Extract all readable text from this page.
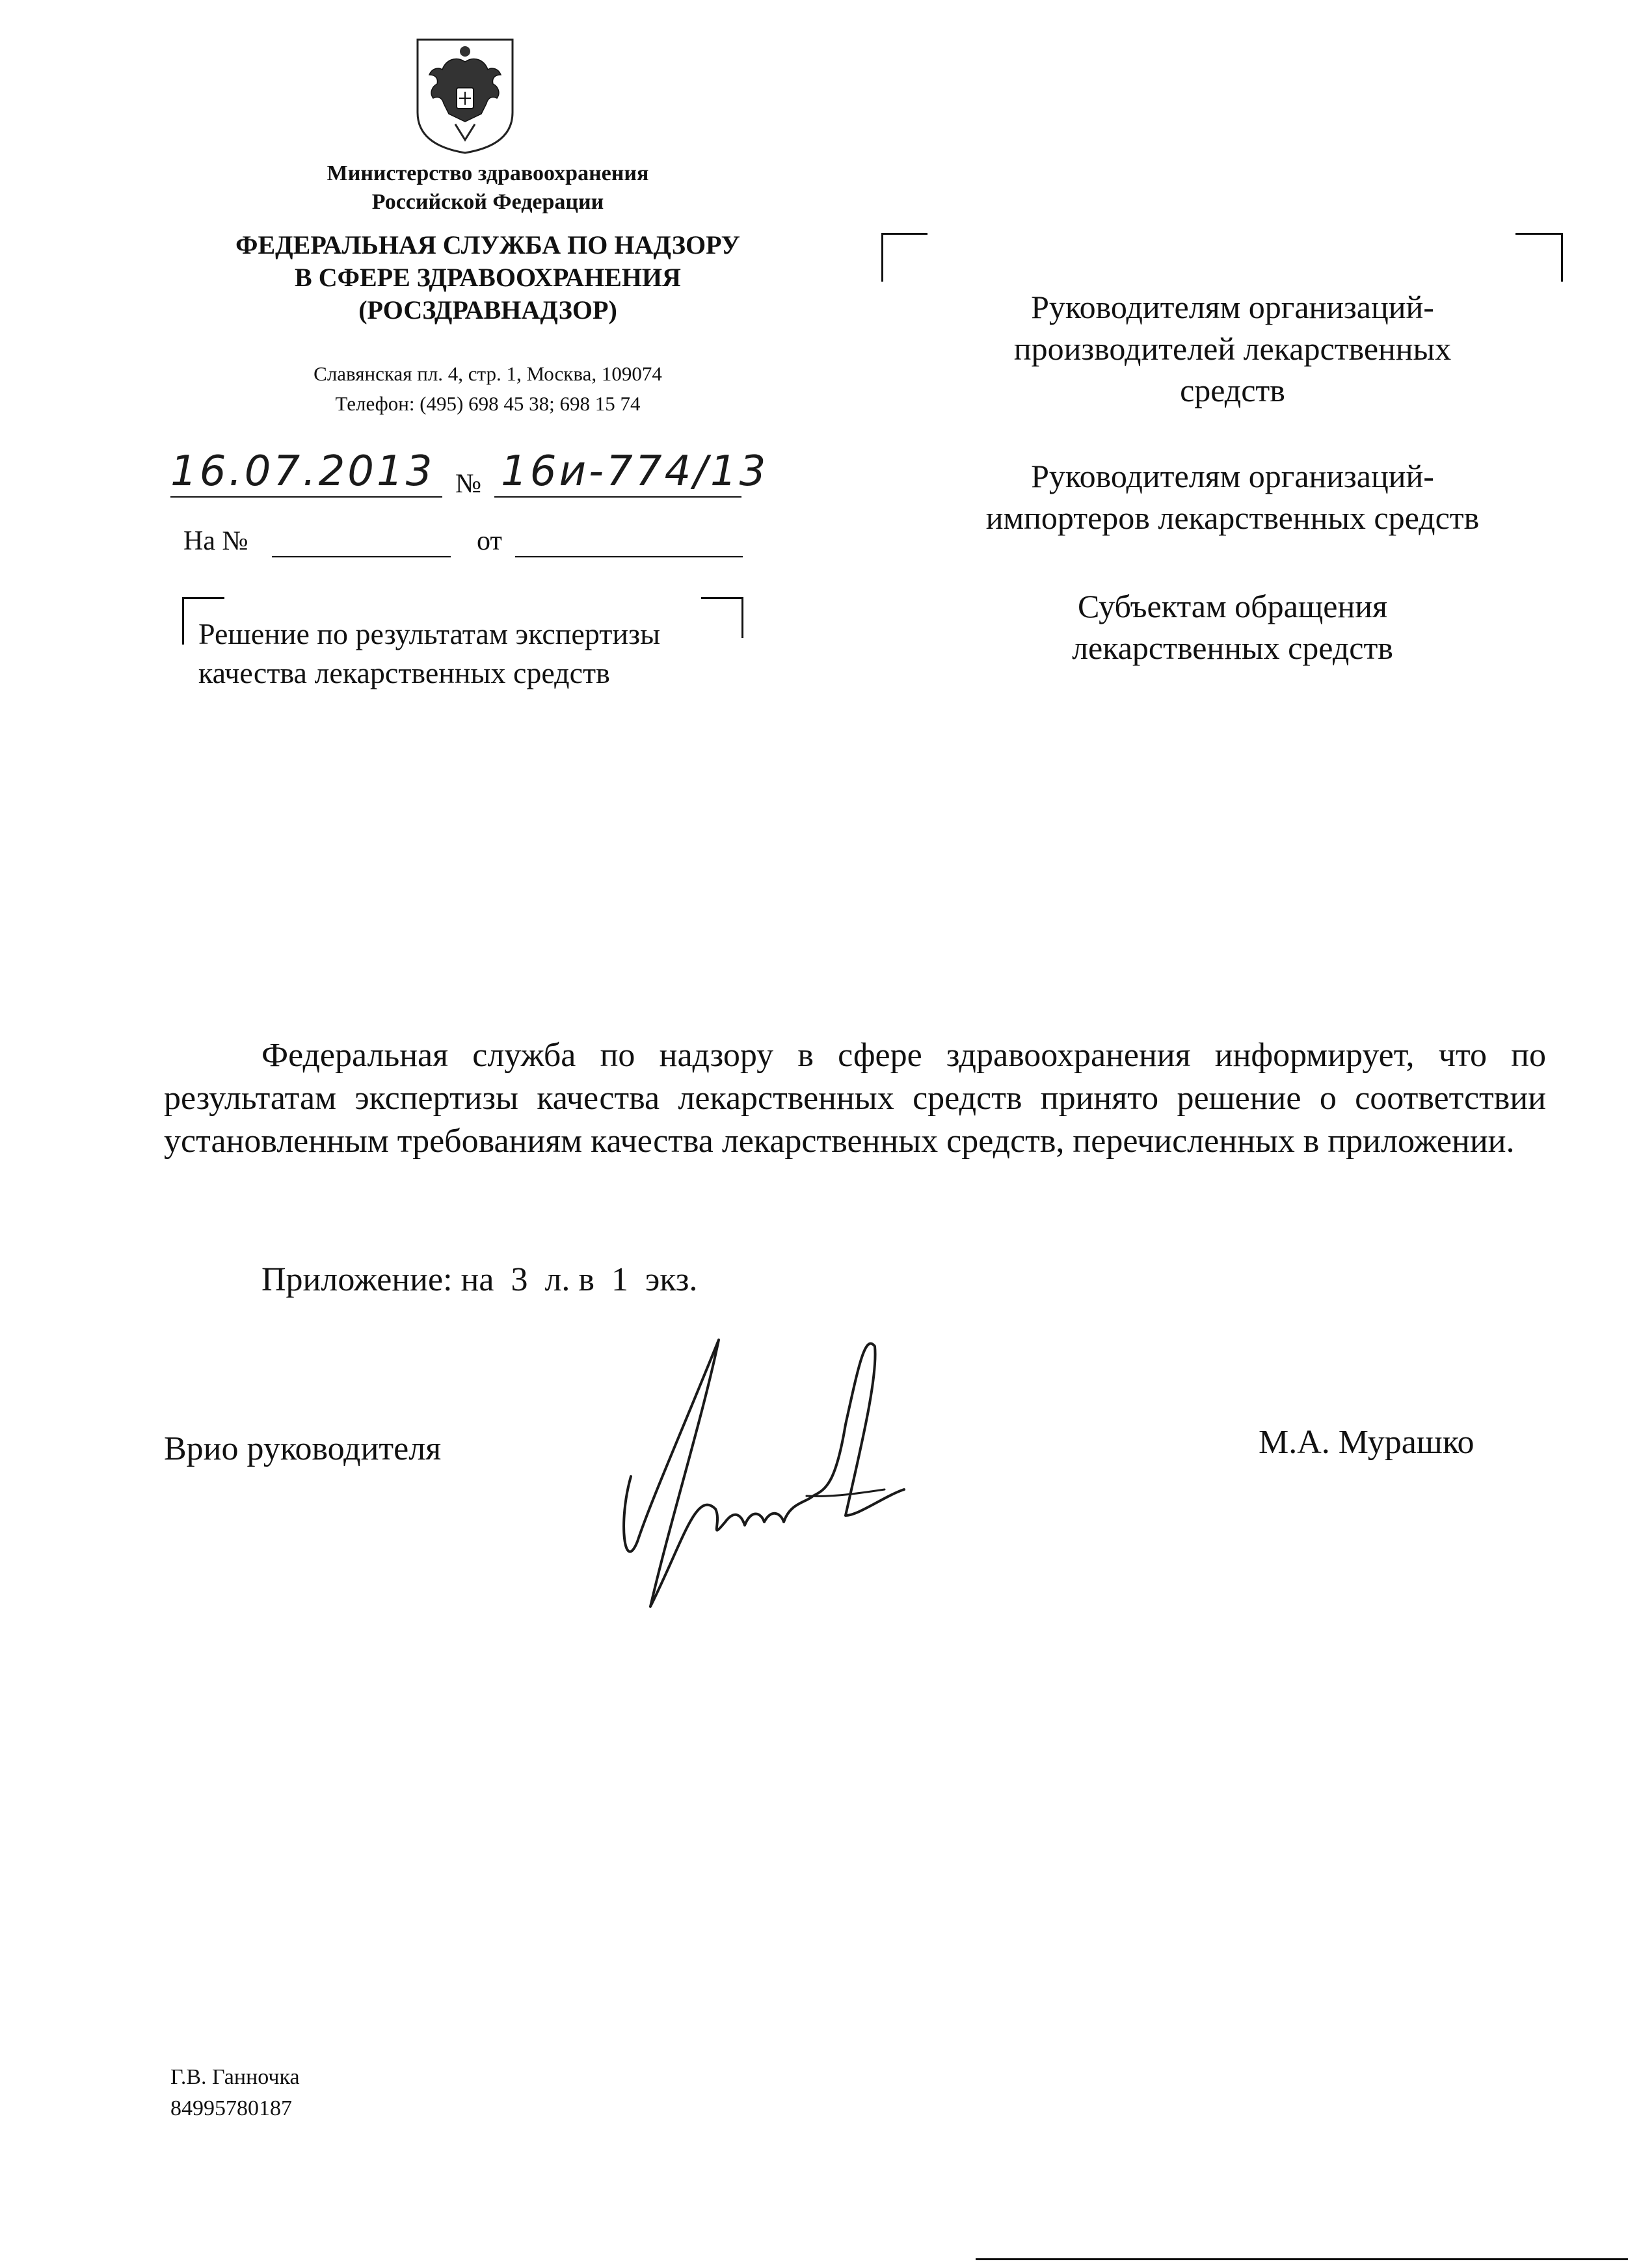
Министерство здравоохранения
Российской Федерации
ФЕДЕРАЛЬНАЯ СЛУЖБА ПО НАДЗОРУ
В СФЕРЕ ЗДРАВООХРАНЕНИЯ
(РОСЗДРАВНАДЗОР)
Славянская пл. 4, стр. 1, Москва, 109074
Телефон: (495) 698 45 38; 698 15 74
16.07.2013 № 16и-774/13
На №	от
Решение по результатам экспертизы
качества лекарственных средств
Руководителям организаций-
производителей лекарственных
средств
Руководителям организаций-
импортеров лекарственных средств
Субъектам обращения
лекарственных средств

Федеральная служба по надзору в сфере здравоохранения информирует, что по результатам экспертизы качества лекарственных средств принято решение о соответствии установленным требованиям качества лекарственных средств, перечисленных в приложении.

Приложение: на  3  л. в  1  экз.
Врио руководителя	М.А. Мурашко
Г.В. Ганночка
84995780187
